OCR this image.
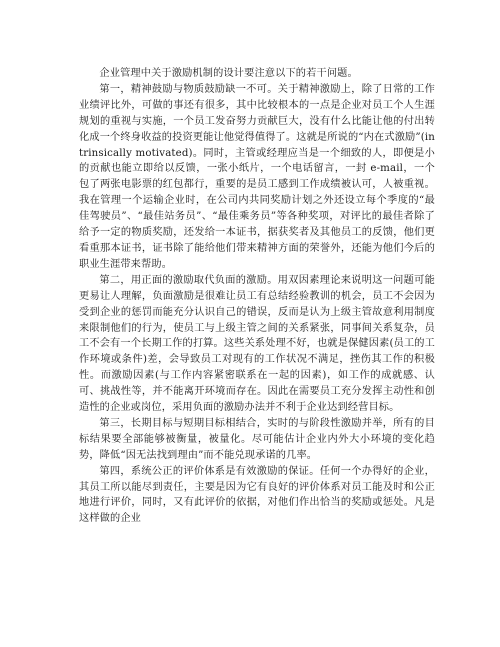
企业管理中关于激励机制的设计要注意以下的若干问题。

第一，精神鼓励与物质鼓励缺一不可。关于精神激励上，除了日常的工作业绩评比外，可做的事还有很多，其中比较根本的一点是企业对员工个人生涯规划的重视与实施，一个员工发奋努力贡献巨大，没有什么比能让他的付出转化成一个终身收益的投资更能让他觉得值得了。这就是所说的“内在式激励”(intrinsically motivated)。同时，主管或经理应当是一个细致的人，即便是小的贡献也能立即给以反馈，一张小纸片，一个电话留言，一封 e-mail，一个包了两张电影票的红包都行，重要的是员工感到工作成绩被认可，人被重视。我在管理一个运输企业时，在公司内共同奖励计划之外还设立每个季度的“最佳驾驶员”、“最佳站务员”、“最佳乘务员”等各种奖项，对评比的最佳者除了给予一定的物质奖励，还发给一本证书，据获奖者及其他员工的反馈，他们更看重那本证书，证书除了能给他们带来精神方面的荣誉外，还能为他们今后的职业生涯带来帮助。

第二，用正面的激励取代负面的激励。用双因素理论来说明这一问题可能更易让人理解，负面激励是很难让员工有总结经验教训的机会，员工不会因为受到企业的惩罚而能充分认识自己的错误，反而是认为上级主管故意利用制度来限制他们的行为，使员工与上级主管之间的关系紧张，同事间关系复杂，员工不会有一个长期工作的打算。这些关系处理不好，也就是保健因素(员工的工作环境或条件)差，会导致员工对现有的工作状况不满足，挫伤其工作的积极性。而激励因素(与工作内容紧密联系在一起的因素)，如工作的成就感、认可、挑战性等，并不能离开环境而存在。因此在需要员工充分发挥主动性和创造性的企业或岗位，采用负面的激励办法并不利于企业达到经营目标。

第三，长期目标与短期目标相结合，实时的与阶段性激励并举，所有的目标结果要全部能够被衡量，被量化。尽可能估计企业内外大小环境的变化趋势，降低“因无法找到理由”而不能兑现承诺的几率。

第四，系统公正的评价体系是有效激励的保证。任何一个办得好的企业，其员工所以能尽到责任，主要是因为它有良好的评价体系对员工能及时和公正地进行评价，同时，又有此评价的依据，对他们作出恰当的奖励或惩处。凡是这样做的企业
